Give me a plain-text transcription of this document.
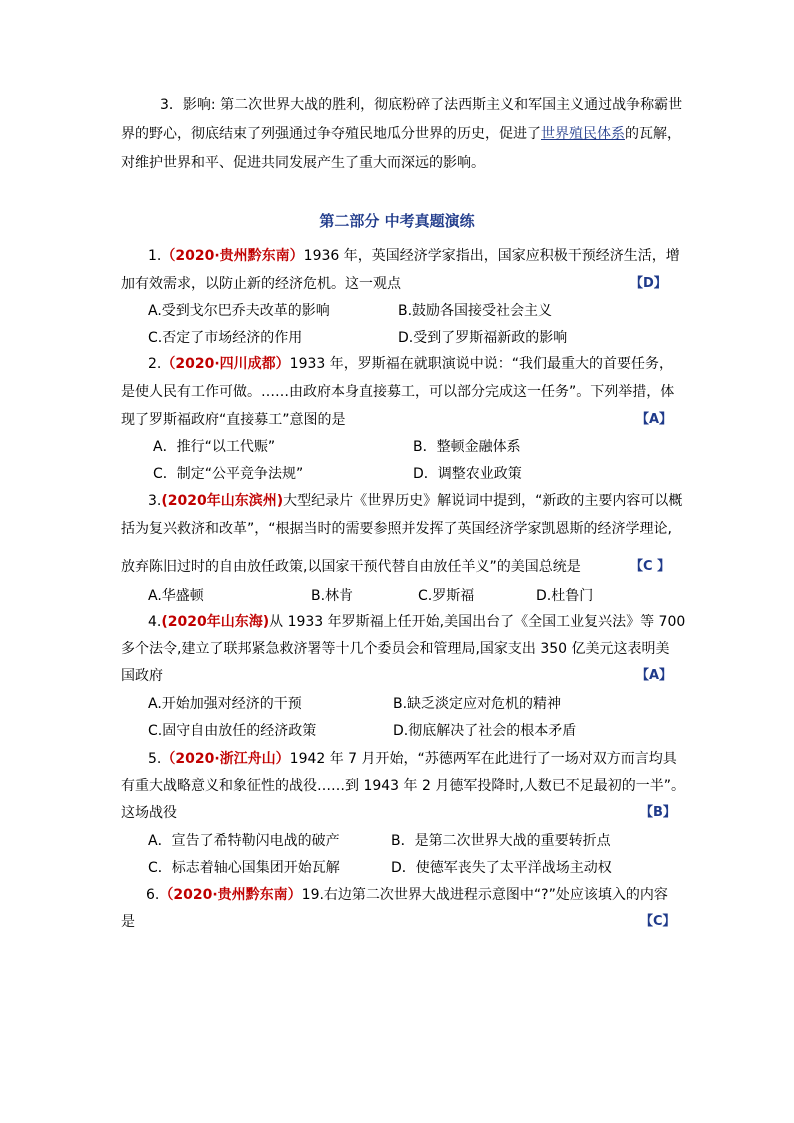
3．影响: 第二次世界大战的胜利，彻底粉碎了法西斯主义和军国主义通过战争称霸世
界的野心，彻底结束了列强通过争夺殖民地瓜分世界的历史，促进了世界殖民体系的瓦解，
对维护世界和平、促进共同发展产生了重大而深远的影响。
第二部分 中考真题演练
1.（2020·贵州黔东南）1936 年，英国经济学家指出，国家应积极干预经济生活，增
加有效需求，以防止新的经济危机。这一观点	【D】
A.受到戈尔巴乔夫改革的影响	B.鼓励各国接受社会主义
C.否定了市场经济的作用	D.受到了罗斯福新政的影响
2.（2020·四川成都）1933 年，罗斯福在就职演说中说：“我们最重大的首要任务，
是使人民有工作可做。……由政府本身直接募工，可以部分完成这一任务”。下列举措，体
现了罗斯福政府“直接募工”意图的是	【A】
A．推行“以工代赈”	B．整顿金融体系
C．制定“公平竞争法规”	D．调整农业政策
3.(2020年山东滨州)大型纪录片《世界历史》解说词中提到，“新政的主要内容可以概
括为复兴救济和改革”，“根据当时的需要参照并发挥了英国经济学家凯恩斯的经济学理论,
放弃陈旧过时的自由放任政策,以国家干预代替自由放任羊义”的美国总统是	【C 】
A.华盛顿	B.林肯	C.罗斯福	D.杜鲁门
4.(2020年山东海)从 1933 年罗斯福上任开始,美国出台了《全国工业复兴法》等 700
多个法令,建立了联邦紧急救济署等十几个委员会和管理局,国家支出 350 亿美元这表明美
国政府	【A】
A.开始加强对经济的干预	B.缺乏淡定应对危机的精神
C.固守自由放任的经济政策	D.彻底解决了社会的根本矛盾
5.（2020·浙江舟山）1942 年 7 月开始，“苏德两军在此进行了一场对双方而言均具
有重大战略意义和象征性的战役……到 1943 年 2 月德军投降时,人数已不足最初的一半”。
这场战役	【B】
A．宣告了希特勒闪电战的破产	B．是第二次世界大战的重要转折点
C．标志着轴心国集团开始瓦解	D．使德军丧失了太平洋战场主动权
6.（2020·贵州黔东南）19.右边第二次世界大战进程示意图中“?”处应该填入的内容
是	【C】
